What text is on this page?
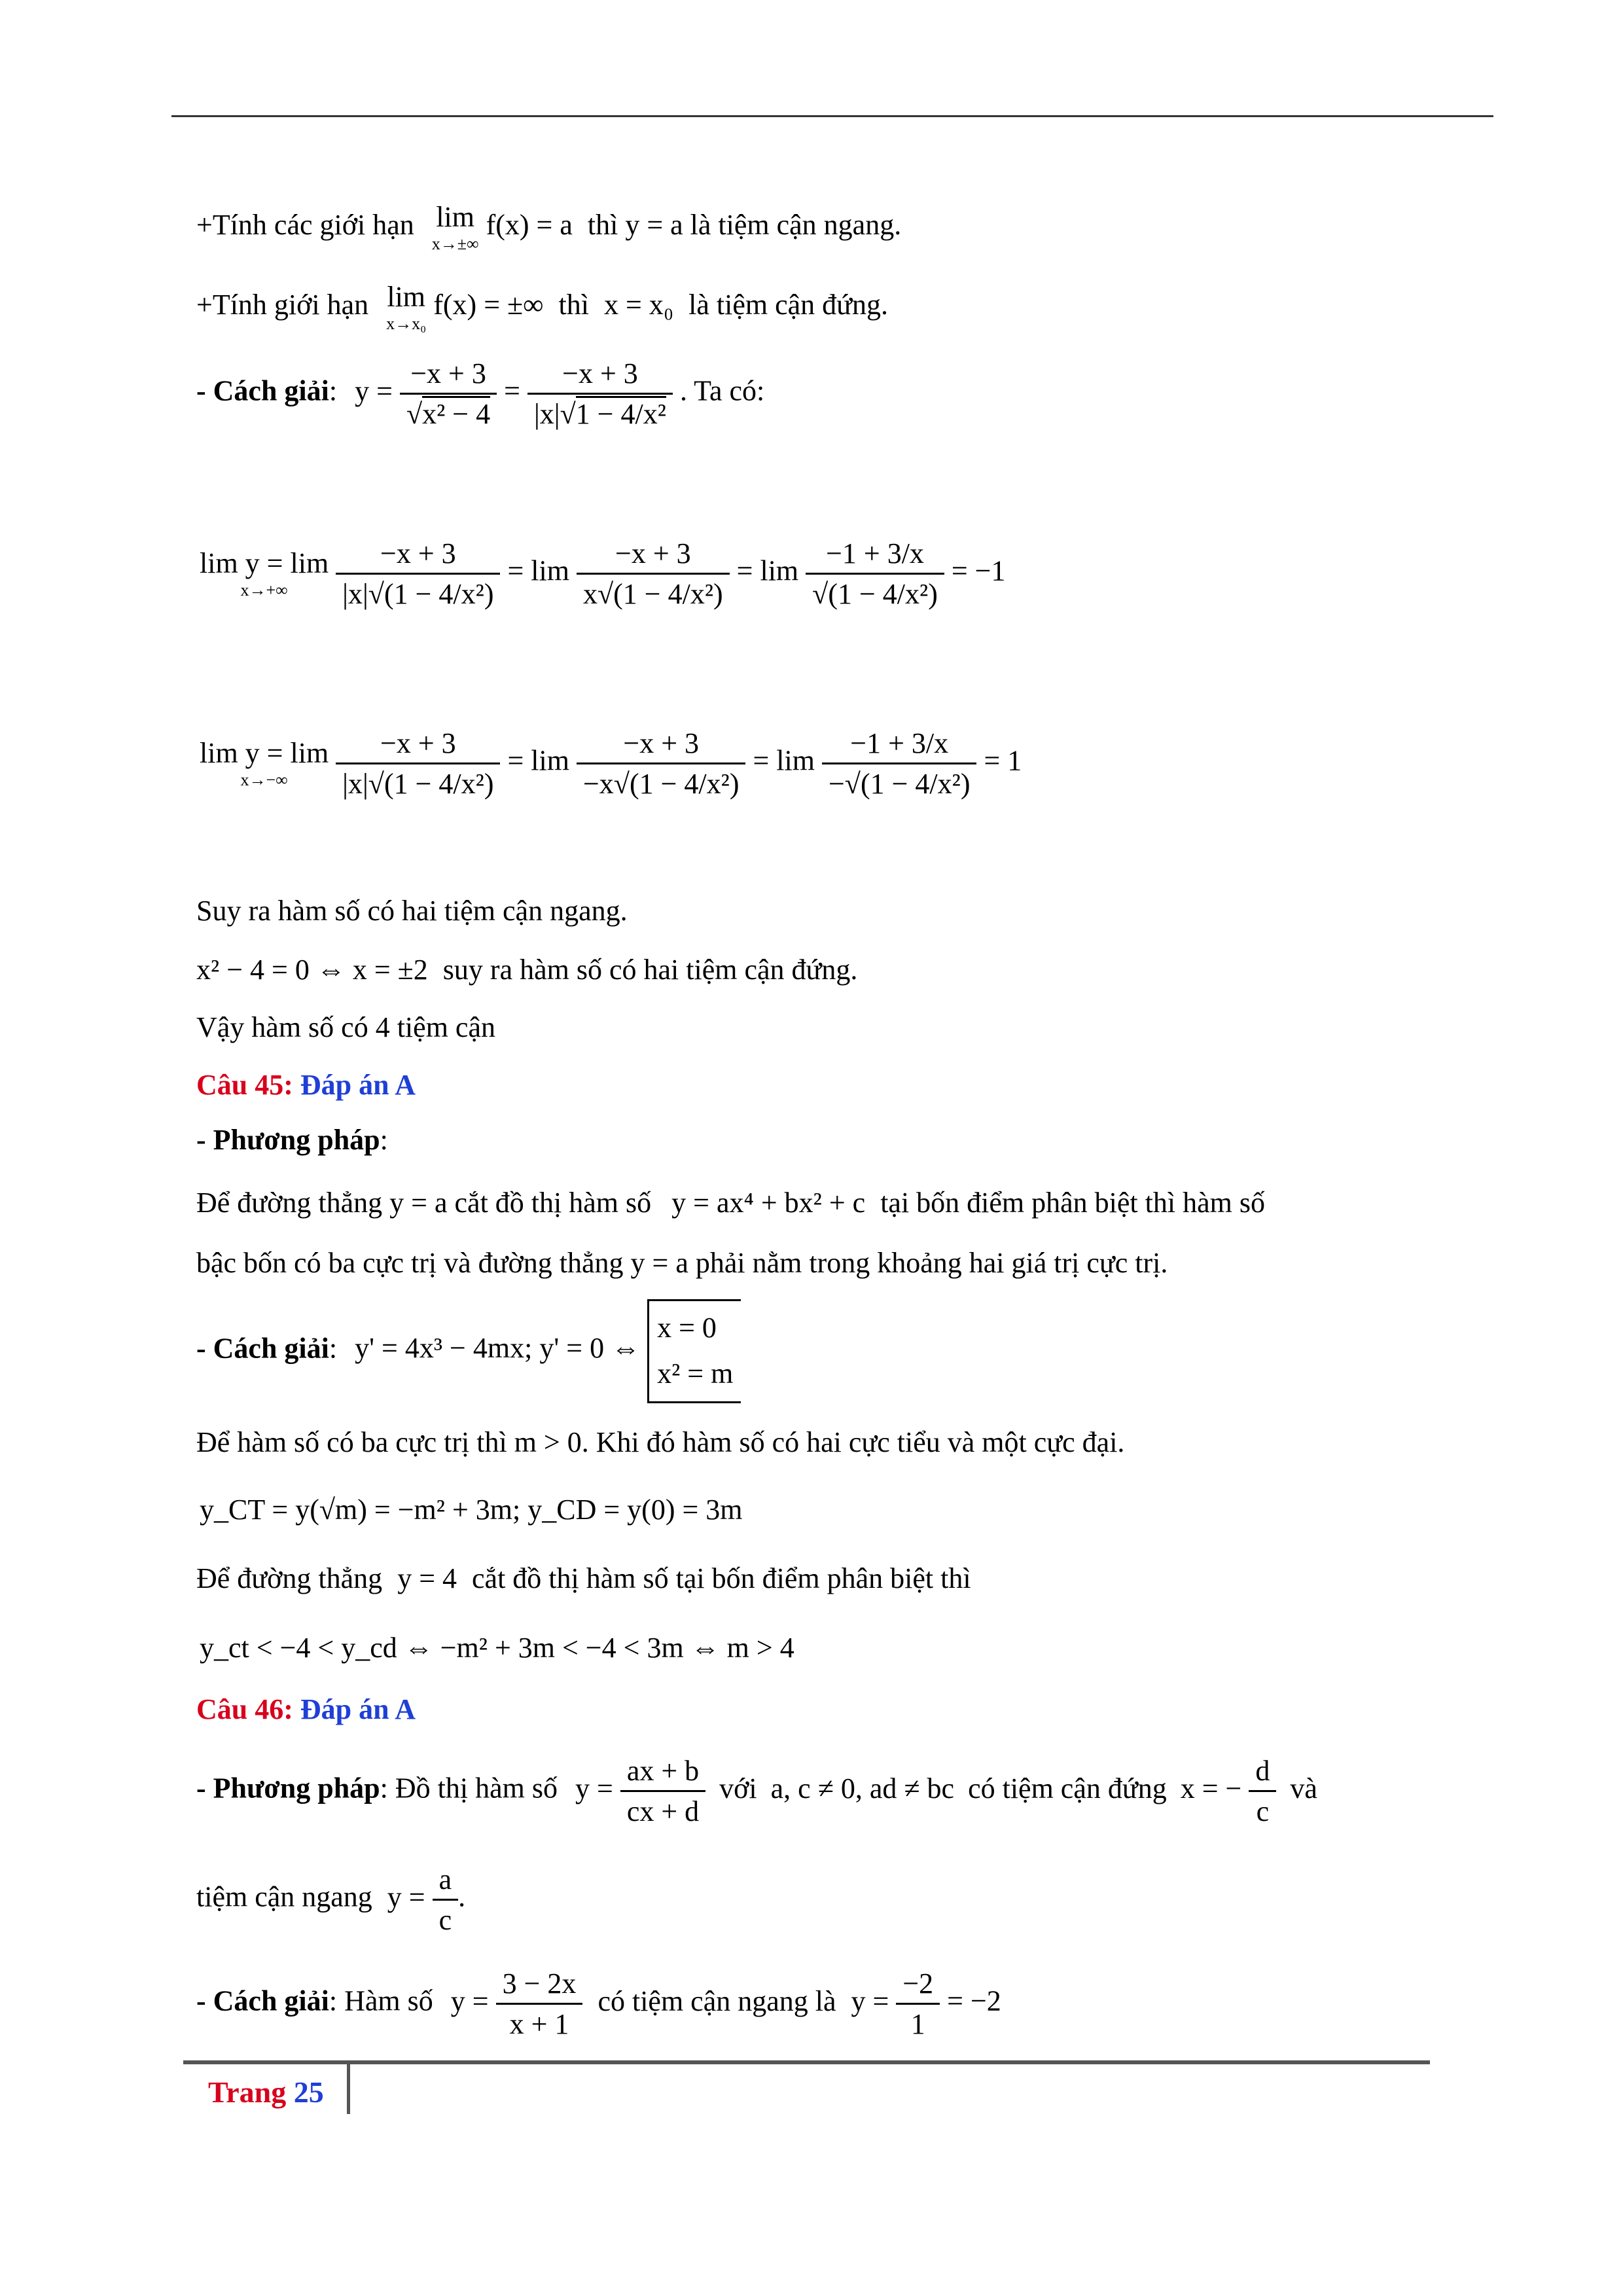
+Tính các giới hạn lim
x→±∞
f(x) = a thì y = a là tiệm cận ngang.
+Tính giới hạn lim
x→x₀
f(x) = ±∞ thì x = x₀ là tiệm cận đứng.
- Cách giải: $y = \frac{-x + 3}{\text{√x² − 4}} = \frac{-x + 3}{\text{|x|√1 − 4/x²}}$ . Ta có:
lim y = lim
x→+∞
	$\frac{-x + 3}{\text{|x|√(1 − 4/x²)}} = \lim \frac{-x + 3}{\text{x√(1 − 4/x²)}} = \lim \frac{-1 + 3/x}{\text{√(1 − 4/x²)}} = -1$
lim y = lim
x→−∞
	$\frac{-x + 3}{\text{|x|√(1 − 4/x²)}} = \lim \frac{-x + 3}{\text{−x√(1 − 4/x²)}} = \lim \frac{-1 + 3/x}{\text{−√(1 − 4/x²)}} = 1$
Suy ra hàm số có hai tiệm cận ngang.
x² − 4 = 0 ⇔ x = ±2 suy ra hàm số có hai tiệm cận đứng.
Vậy hàm số có 4 tiệm cận
Câu 45: Đáp án A
- Phương pháp:
Để đường thẳng y = a cắt đồ thị hàm số y = ax⁴ + bx² + c tại bốn điểm phân biệt thì hàm số
bậc bốn có ba cực trị và đường thẳng y = a phải nằm trong khoảng hai giá trị cực trị.
- Cách giải: y' = 4x³ − 4mx; y' = 0 ⇔
x = 0
x² = m
Để hàm số có ba cực trị thì m > 0. Khi đó hàm số có hai cực tiểu và một cực đại.
y_CT = y(√m) = −m² + 3m; y_CD = y(0) = 3m
Để đường thẳng y = 4 cắt đồ thị hàm số tại bốn điểm phân biệt thì
y_ct < −4 < y_cd ⇔ −m² + 3m < −4 < 3m ⇔ m > 4
Câu 46: Đáp án A
- Phương pháp: Đồ thị hàm số $y = \frac{ax + b}{cx + d}$ với a, c ≠ 0, ad ≠ bc có tiệm cận đứng x = − $\frac{d}{c}$ và
tiệm cận ngang $y = \frac{a}{c}$ .
- Cách giải: Hàm số $y = \frac{3 - 2x}{x + 1}$ có tiệm cận ngang là $y = \frac{-2}{1} = -2$
Trang 25
